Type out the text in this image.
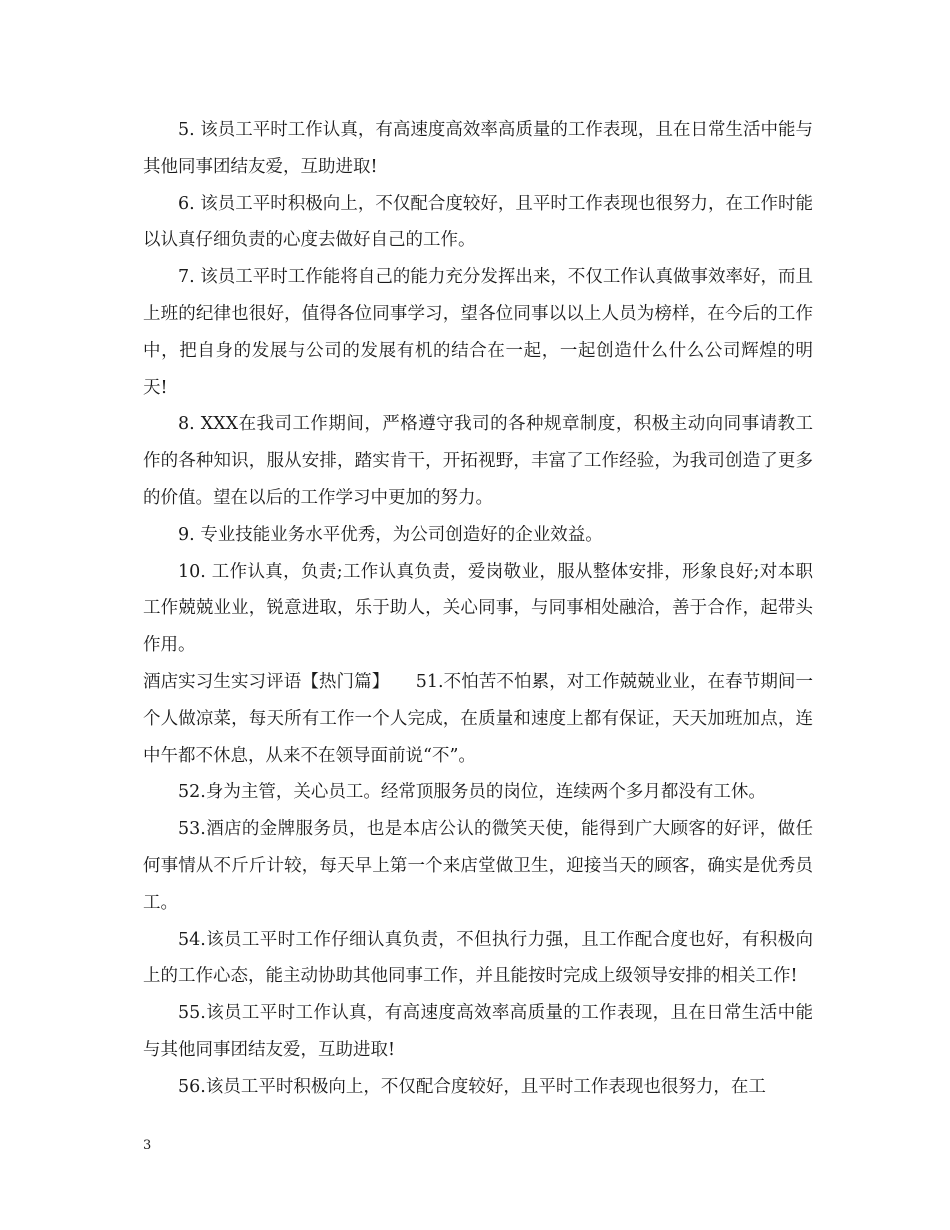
5. 该员工平时工作认真，有高速度高效率高质量的工作表现，且在日常生活中能与其他同事团结友爱，互助进取!

6. 该员工平时积极向上，不仅配合度较好，且平时工作表现也很努力，在工作时能以认真仔细负责的心度去做好自己的工作。

7. 该员工平时工作能将自己的能力充分发挥出来，不仅工作认真做事效率好，而且上班的纪律也很好，值得各位同事学习，望各位同事以以上人员为榜样，在今后的工作中，把自身的发展与公司的发展有机的结合在一起，一起创造什么什么公司辉煌的明天!

8. XXX在我司工作期间，严格遵守我司的各种规章制度，积极主动向同事请教工作的各种知识，服从安排，踏实肯干，开拓视野，丰富了工作经验，为我司创造了更多的价值。望在以后的工作学习中更加的努力。

9. 专业技能业务水平优秀，为公司创造好的企业效益。

10. 工作认真，负责;工作认真负责，爱岗敬业，服从整体安排，形象良好;对本职工作兢兢业业，锐意进取，乐于助人，关心同事，与同事相处融洽，善于合作，起带头作用。

酒店实习生实习评语【热门篇】　　51.不怕苦不怕累，对工作兢兢业业，在春节期间一个人做凉菜，每天所有工作一个人完成，在质量和速度上都有保证，天天加班加点，连中午都不休息，从来不在领导面前说“不”。

52.身为主管，关心员工。经常顶服务员的岗位，连续两个多月都没有工休。

53.酒店的金牌服务员，也是本店公认的微笑天使，能得到广大顾客的好评，做任何事情从不斤斤计较，每天早上第一个来店堂做卫生，迎接当天的顾客，确实是优秀员工。

54.该员工平时工作仔细认真负责，不但执行力强，且工作配合度也好，有积极向上的工作心态，能主动协助其他同事工作，并且能按时完成上级领导安排的相关工作!

55.该员工平时工作认真，有高速度高效率高质量的工作表现，且在日常生活中能与其他同事团结友爱，互助进取!

56.该员工平时积极向上，不仅配合度较好，且平时工作表现也很努力，在工

3
